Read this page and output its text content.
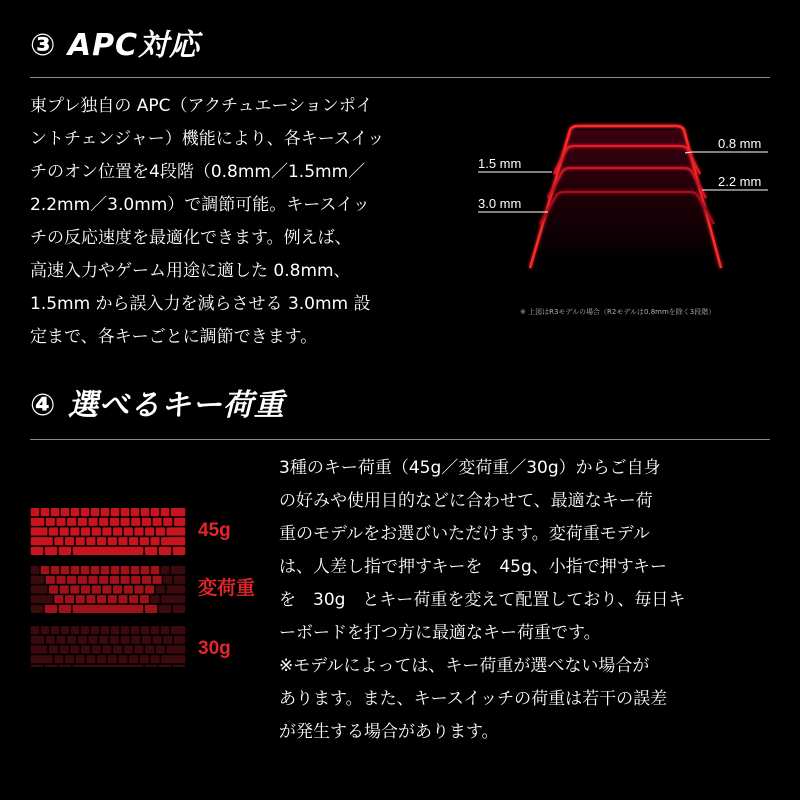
③ APC対応
東プレ独自の APC（アクチュエーションポイ
ントチェンジャー）機能により、各キースイッ
チのオン位置を4段階（0.8mm／1.5mm／
2.2mm／3.0mm）で調節可能。キースイッ
チの反応速度を最適化できます。例えば、
高速入力やゲーム用途に適した 0.8mm、
1.5mm から誤入力を減らさせる 3.0mm 設
定まで、各キーごとに調節できます。
0.8 mm
1.5 mm
2.2 mm
3.0 mm
※ 上図はR3モデルの場合（R2モデルは0.8mmを除く3段階）
④ 選べるキー荷重
45g
変荷重
30g
3種のキー荷重（45g／変荷重／30g）からご自身
の好みや使用目的などに合わせて、最適なキー荷
重のモデルをお選びいただけます。変荷重モデル
は、人差し指で押すキーを　45g、小指で押すキー
を　30g　とキー荷重を変えて配置しており、毎日キ
ーボードを打つ方に最適なキー荷重です。
※モデルによっては、キー荷重が選べない場合が
あります。また、キースイッチの荷重は若干の誤差
が発生する場合があります。
